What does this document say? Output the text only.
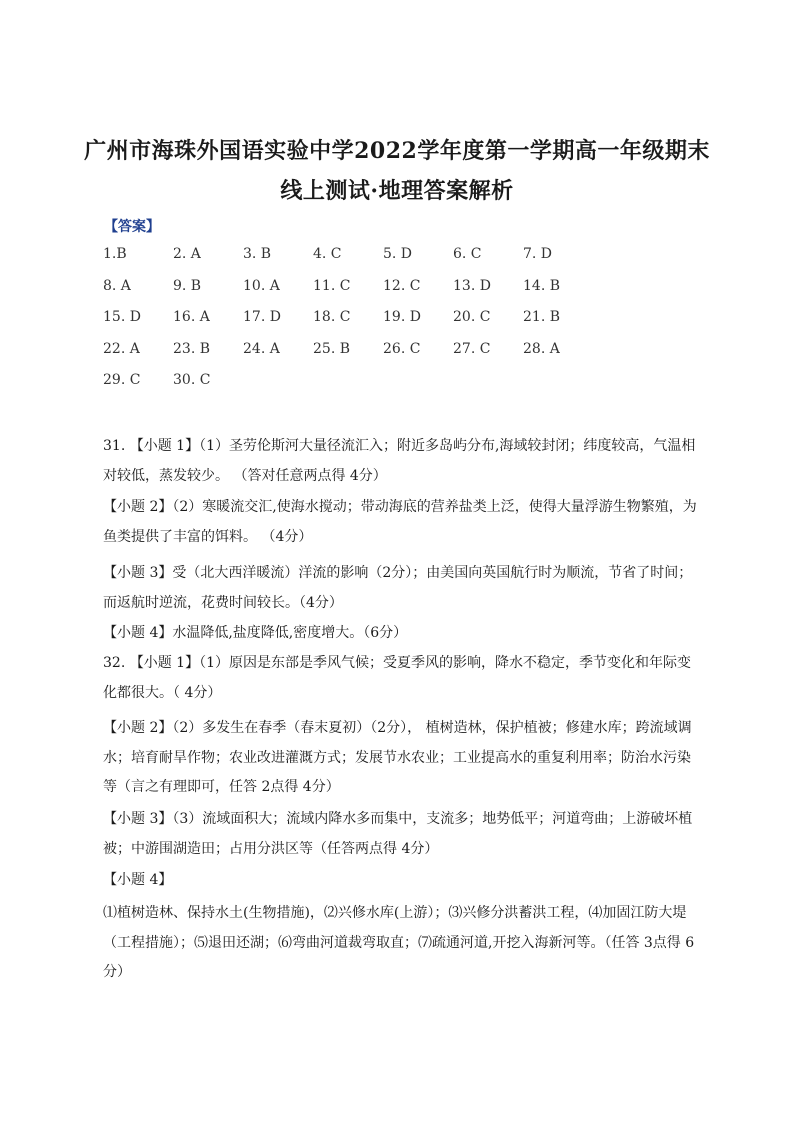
广州市海珠外国语实验中学2022学年度第一学期高一年级期末
线上测试·地理答案解析
【答案】
1.B	2. A	3. B	4. C	5. D	6. C	7. D
8. A	9. B	10. A 11. C 12. C 13. D 14. B
15. D 16. A 17. D 18. C 19. D 20. C 21. B
22. A 23. B 24. A 25. B 26. C 27. C 28. A
29. C 30. C
31. 【小题 1】（1）圣劳伦斯河大量径流汇入；附近多岛屿分布,海域较封闭；纬度较高，气温相对较低，蒸发较少。 （答对任意两点得 4分）
【小题 2】（2）寒暖流交汇,使海水搅动；带动海底的营养盐类上泛，使得大量浮游生物繁殖，为鱼类提供了丰富的饵料。 （4分）
【小题 3】受（北大西洋暖流）洋流的影响（2分）；由美国向英国航行时为顺流，节省了时间；而返航时逆流，花费时间较长。（4分）
【小题 4】水温降低,盐度降低,密度增大。（6分）
32. 【小题 1】（1）原因是东部是季风气候；受夏季风的影响，降水不稳定，季节变化和年际变化都很大。（ 4分）
【小题 2】（2）多发生在春季（春末夏初）（2分）， 植树造林，保护植被；修建水库；跨流域调水；培育耐旱作物；农业改进灌溉方式；发展节水农业；工业提高水的重复利用率；防治水污染等（言之有理即可，任答 2点得 4分）
【小题 3】（3）流域面积大；流域内降水多而集中，支流多；地势低平；河道弯曲；上游破坏植被；中游围湖造田；占用分洪区等（任答两点得 4分）
【小题 4】
⑴植树造林、保持水土(生物措施)，⑵兴修水库(上游）；⑶兴修分洪蓄洪工程，⑷加固江防大堤（工程措施）；⑸退田还湖；⑹弯曲河道裁弯取直；⑺疏通河道,开挖入海新河等。（任答 3点得 6分）
